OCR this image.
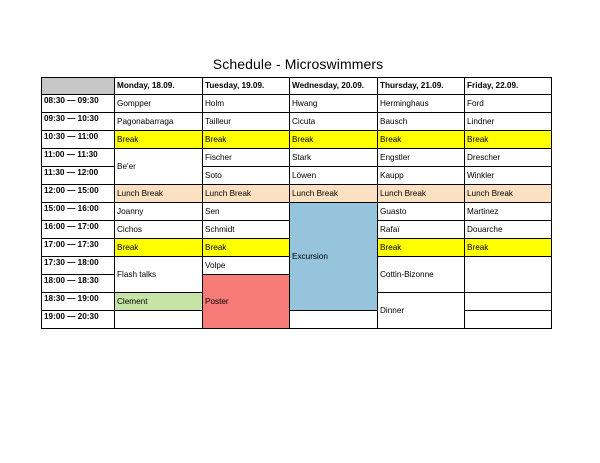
Schedule - Microswimmers
	Monday, 18.09.	Tuesday, 19.09.	Wednesday, 20.09.	Thursday, 21.09.	Friday, 22.09.
08:30 — 09:30	Gompper	Holm	Hwang	Herminghaus	Ford
09:30 — 10:30	Pagonabarraga	Tailleur	Cicuta	Bausch	Lindner
10:30 — 11:00	Break	Break	Break	Break	Break
11:00 — 11:30	Be'er	Fischer	Stark	Engstler	Drescher
11:30 — 12:00		Soto	Löwen	Kaupp	Winkler
12:00 — 15:00	Lunch Break	Lunch Break	Lunch Break	Lunch Break	Lunch Break
15:00 — 16:00	Joanny	Sen	Excursion	Guasto	Martinez
16:00 — 17:00	Cichos	Schmidt		Rafaï	Douarche
17:00 — 17:30	Break	Break		Break	Break
17:30 — 18:00	Flash talks	Volpe		Cottin-Bizonne	
18:00 — 18:30		Poster			
18:30 — 19:00	Clement			Dinner	
19:00 — 20:30					
